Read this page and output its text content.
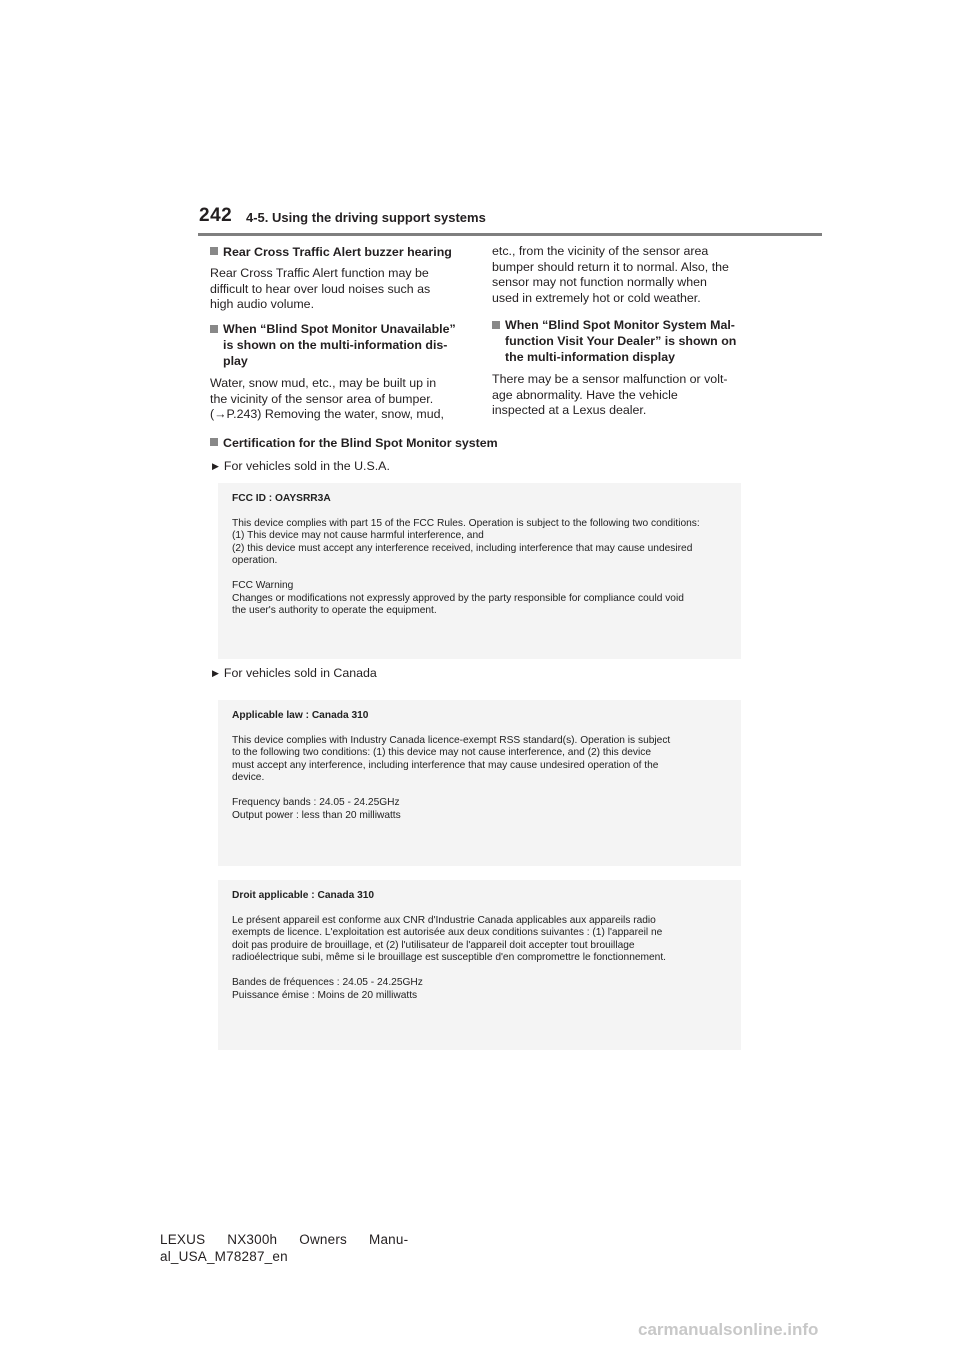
242 4-5. Using the driving support systems
Rear Cross Traffic Alert buzzer hearing
Rear Cross Traffic Alert function may be
difficult to hear over loud noises such as
high audio volume.
When “Blind Spot Monitor Unavailable”
is shown on the multi-information dis-
play
Water, snow mud, etc., may be built up in
the vicinity of the sensor area of bumper.
(→P.243) Removing the water, snow, mud,
etc., from the vicinity of the sensor area
bumper should return it to normal. Also, the
sensor may not function normally when
used in extremely hot or cold weather.
When “Blind Spot Monitor System Mal-
function Visit Your Dealer” is shown on
the multi-information display
There may be a sensor malfunction or volt-
age abnormality. Have the vehicle
inspected at a Lexus dealer.
Certification for the Blind Spot Monitor system
▶ For vehicles sold in the U.S.A.

FCC ID : OAYSRR3A

This device complies with part 15 of the FCC Rules. Operation is subject to the following two conditions:

(1) This device may not cause harmful interference, and

(2) this device must accept any interference received, including interference that may cause undesired

operation.

FCC Warning

Changes or modifications not expressly approved by the party responsible for compliance could void

the user's authority to operate the equipment.

▶ For vehicles sold in Canada

Applicable law : Canada 310

This device complies with Industry Canada licence-exempt RSS standard(s). Operation is subject

to the following two conditions: (1) this device may not cause interference, and (2) this device

must accept any interference, including interference that may cause undesired operation of the

device.

Frequency bands : 24.05 - 24.25GHz

Output power : less than 20 milliwatts

Droit applicable : Canada 310

Le présent appareil est conforme aux CNR d'Industrie Canada applicables aux appareils radio

exempts de licence. L'exploitation est autorisée aux deux conditions suivantes : (1) l'appareil ne

doit pas produire de brouillage, et (2) l'utilisateur de l'appareil doit accepter tout brouillage

radioélectrique subi, même si le brouillage est susceptible d'en compromettre le fonctionnement.

Bandes de fréquences : 24.05 - 24.25GHz

Puissance émise : Moins de 20 milliwatts

LEXUS NX300h Owners Manu-
al_USA_M78287_en
carmanualsonline.info
